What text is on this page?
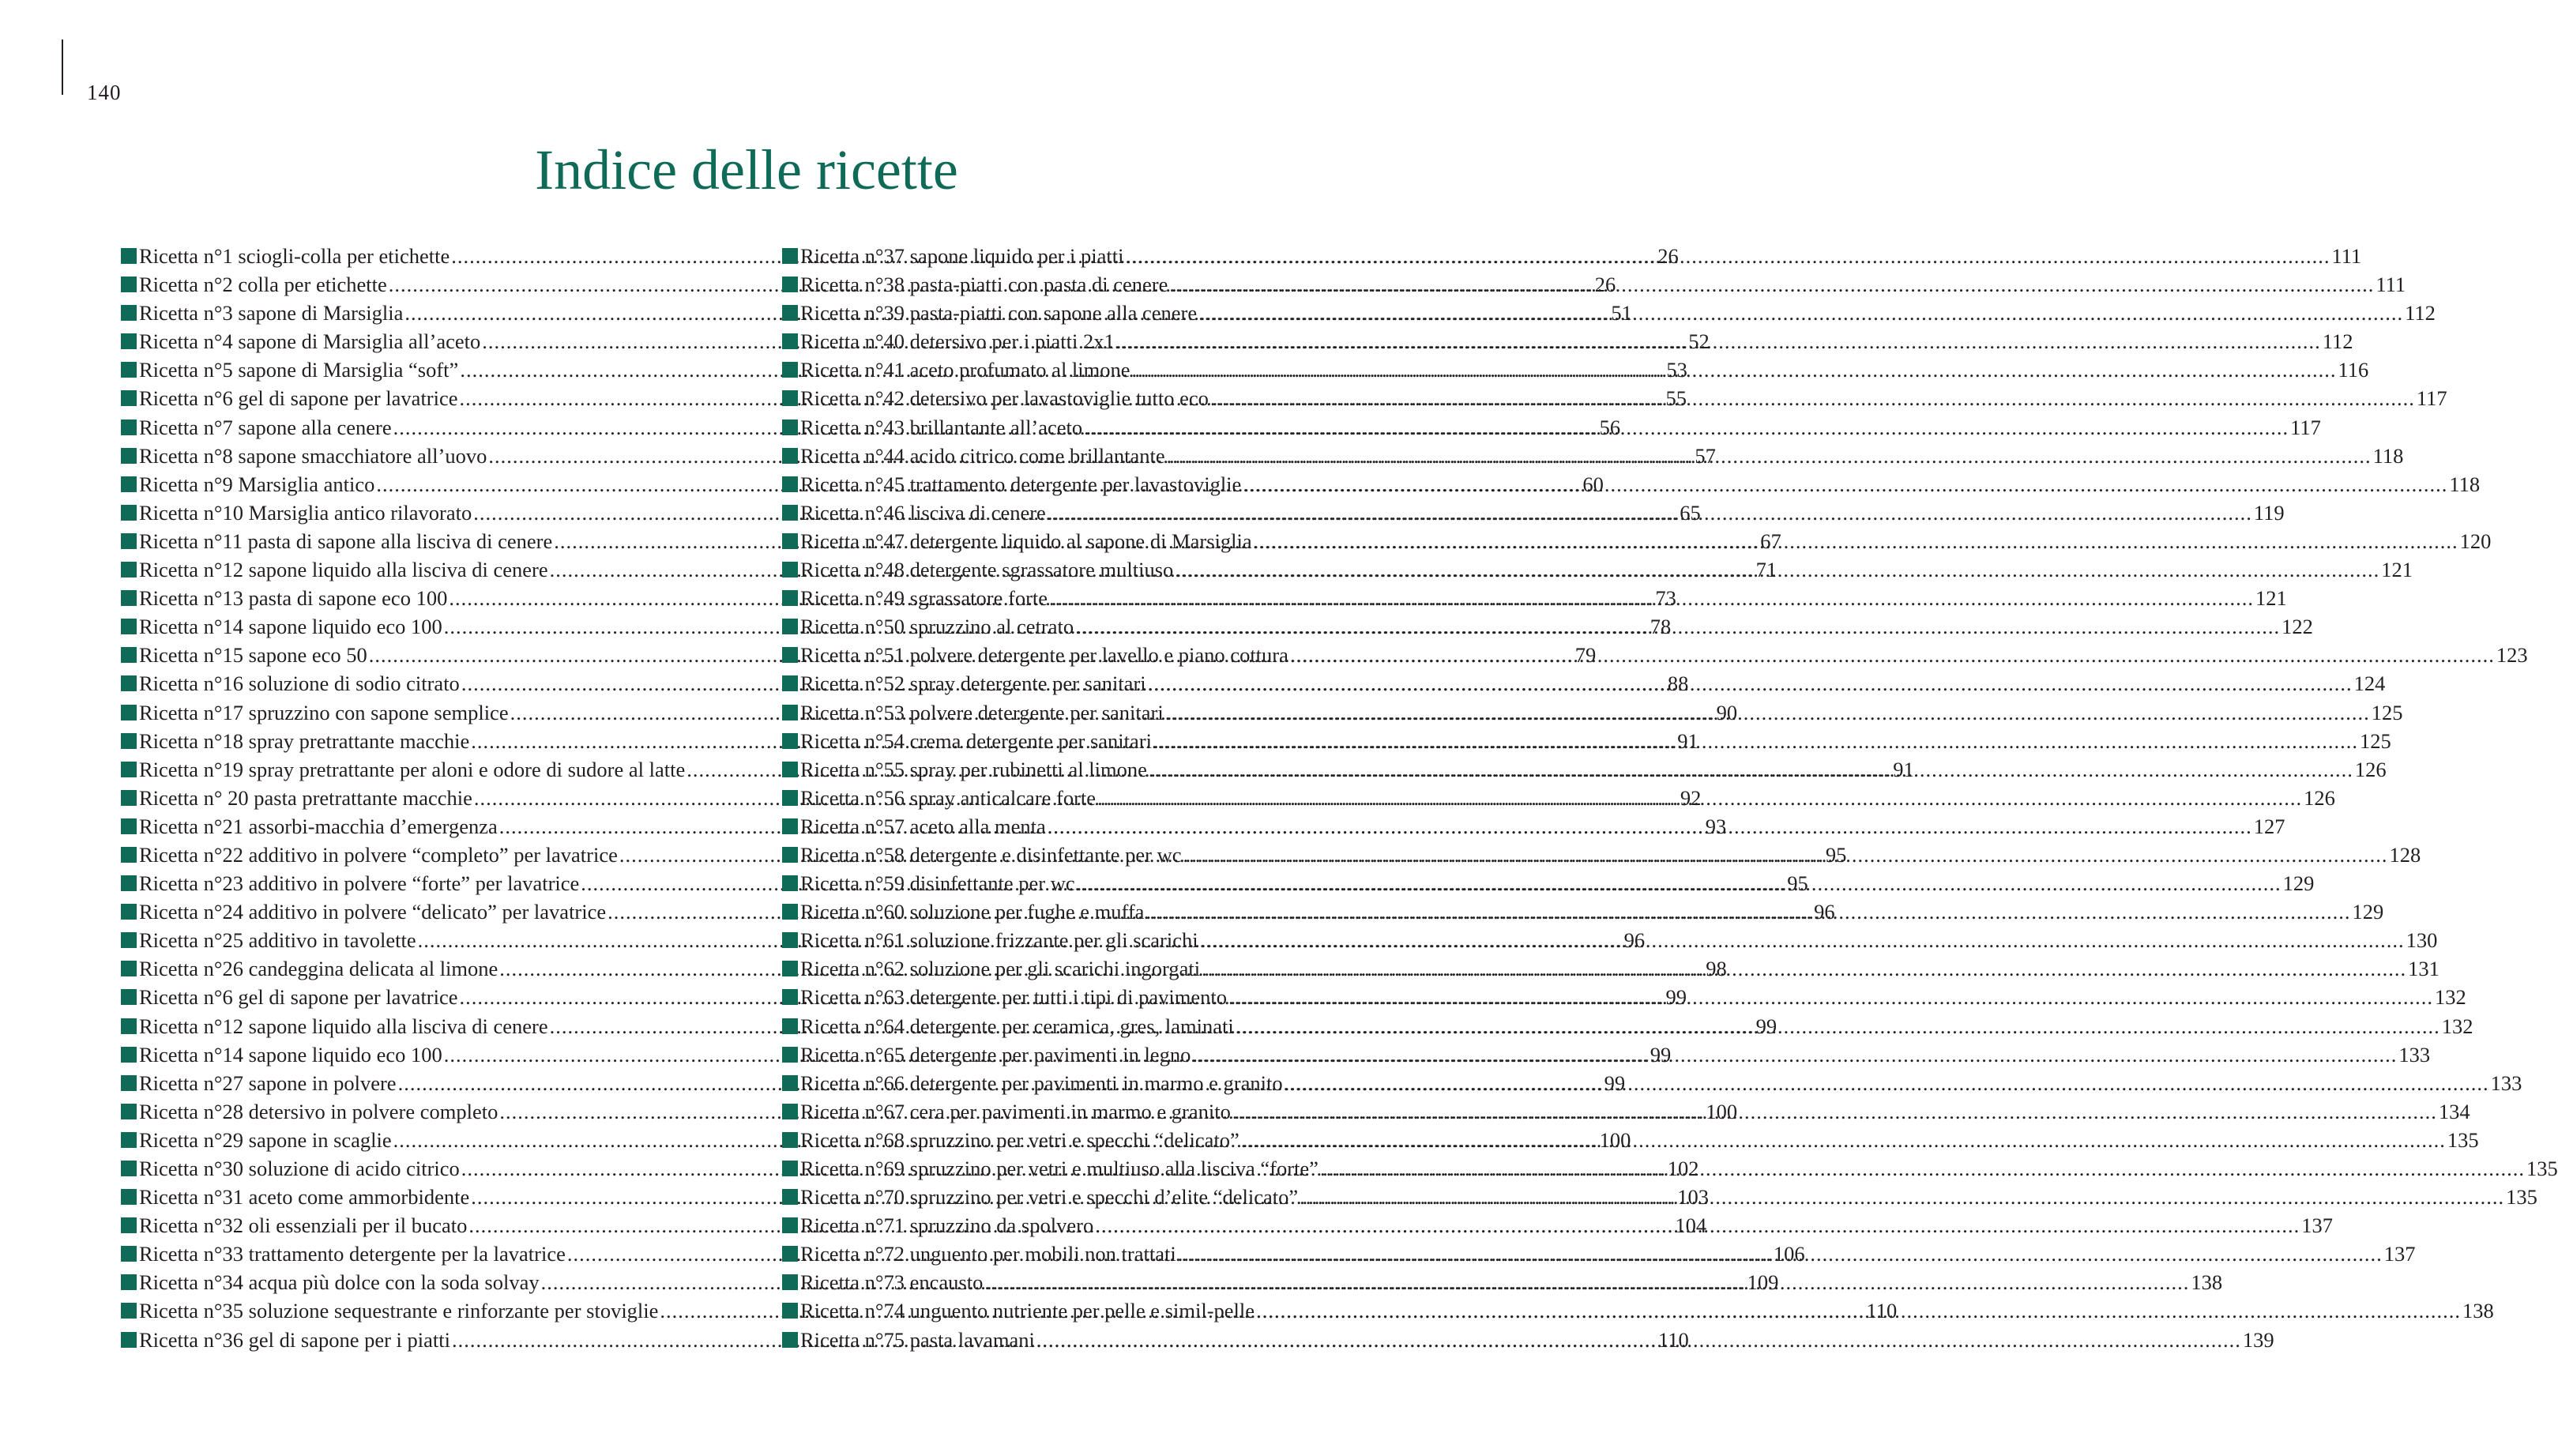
140
Indice delle ricette
Ricetta n°1 sciogli-colla per etichette .....	26
Ricetta n°2 colla per etichette .....	26
Ricetta n°3 sapone di Marsiglia .....	51
Ricetta n°4 sapone di Marsiglia all’aceto .....	52
Ricetta n°5 sapone di Marsiglia “soft” .....	53
Ricetta n°6 gel di sapone per lavatrice .....	55
Ricetta n°7 sapone alla cenere .....	56
Ricetta n°8 sapone smacchiatore all’uovo .....	57
Ricetta n°9 Marsiglia antico .....	60
Ricetta n°10 Marsiglia antico rilavorato .....	65
Ricetta n°11 pasta di sapone alla lisciva di cenere .....	67
Ricetta n°12 sapone liquido alla lisciva di cenere .....	71
Ricetta n°13 pasta di sapone eco 100 .....	73
Ricetta n°14 sapone liquido eco 100 .....	78
Ricetta n°15 sapone eco 50 .....	79
Ricetta n°16 soluzione di sodio citrato .....	88
Ricetta n°17 spruzzino con sapone semplice .....	90
Ricetta n°18 spray pretrattante macchie .....	91
Ricetta n°19 spray pretrattante per aloni e odore di sudore al latte .....	91
Ricetta n° 20 pasta pretrattante macchie .....	92
Ricetta n°21 assorbi-macchia d’emergenza .....	93
Ricetta n°22 additivo in polvere “completo” per lavatrice .....	95
Ricetta n°23 additivo in polvere “forte” per lavatrice .....	95
Ricetta n°24 additivo in polvere “delicato” per lavatrice .....	96
Ricetta n°25 additivo in tavolette .....	96
Ricetta n°26 candeggina delicata al limone .....	98
Ricetta n°6 gel di sapone per lavatrice .....	99
Ricetta n°12 sapone liquido alla lisciva di cenere .....	99
Ricetta n°14 sapone liquido eco 100 .....	99
Ricetta n°27 sapone in polvere .....	99
Ricetta n°28 detersivo in polvere completo .....	100
Ricetta n°29 sapone in scaglie .....	100
Ricetta n°30 soluzione di acido citrico .....	102
Ricetta n°31 aceto come ammorbidente .....	103
Ricetta n°32 oli essenziali per il bucato .....	104
Ricetta n°33 trattamento detergente per la lavatrice .....	106
Ricetta n°34 acqua più dolce con la soda solvay .....	109
Ricetta n°35 soluzione sequestrante e rinforzante per stoviglie .....	110
Ricetta n°36 gel di sapone per i piatti .....	110
Ricetta n°37 sapone liquido per i piatti .....	111
Ricetta n°38 pasta-piatti con pasta di cenere .....	111
Ricetta n°39 pasta-piatti con sapone alla cenere .....	112
Ricetta n°40 detersivo per i piatti 2x1 .....	112
Ricetta n°41 aceto profumato al limone .....	116
Ricetta n°42 detersivo per lavastoviglie tutto eco .....	117
Ricetta n°43 brillantante all’aceto .....	117
Ricetta n°44 acido citrico come brillantante .....	118
Ricetta n°45 trattamento detergente per lavastoviglie .....	118
Ricetta n°46 lisciva di cenere .....	119
Ricetta n°47 detergente liquido al sapone di Marsiglia .....	120
Ricetta n°48 detergente sgrassatore multiuso .....	121
Ricetta n°49 sgrassatore forte .....	121
Ricetta n°50 spruzzino al cetrato .....	122
Ricetta n°51 polvere detergente per lavello e piano cottura .....	123
Ricetta n°52 spray detergente per sanitari .....	124
Ricetta n°53 polvere detergente per sanitari .....	125
Ricetta n°54 crema detergente per sanitari .....	125
Ricetta n°55 spray per rubinetti al limone .....	126
Ricetta n°56 spray anticalcare forte .....	126
Ricetta n°57 aceto alla menta .....	127
Ricetta n°58 detergente e disinfettante per wc .....	128
Ricetta n°59 disinfettante per wc .....	129
Ricetta n°60 soluzione per fughe e muffa .....	129
Ricetta n°61 soluzione frizzante per gli scarichi .....	130
Ricetta n°62 soluzione per gli scarichi ingorgati .....	131
Ricetta n°63 detergente per tutti i tipi di pavimento .....	132
Ricetta n°64 detergente per ceramica, gres, laminati .....	132
Ricetta n°65 detergente per pavimenti in legno .....	133
Ricetta n°66 detergente per pavimenti in marmo e granito .....	133
Ricetta n°67 cera per pavimenti in marmo e granito .....	134
Ricetta n°68 spruzzino per vetri e specchi “delicato” .....	135
Ricetta n°69 spruzzino per vetri e multiuso alla lisciva “forte” .....	135
Ricetta n°70 spruzzino per vetri e specchi d’elite “delicato” .....	135
Ricetta n°71 spruzzino da spolvero .....	137
Ricetta n°72 unguento per mobili non trattati .....	137
Ricetta n°73 encausto .....	138
Ricetta n°74 unguento nutriente per pelle e simil-pelle .....	138
Ricetta n°75 pasta lavamani .....	139
